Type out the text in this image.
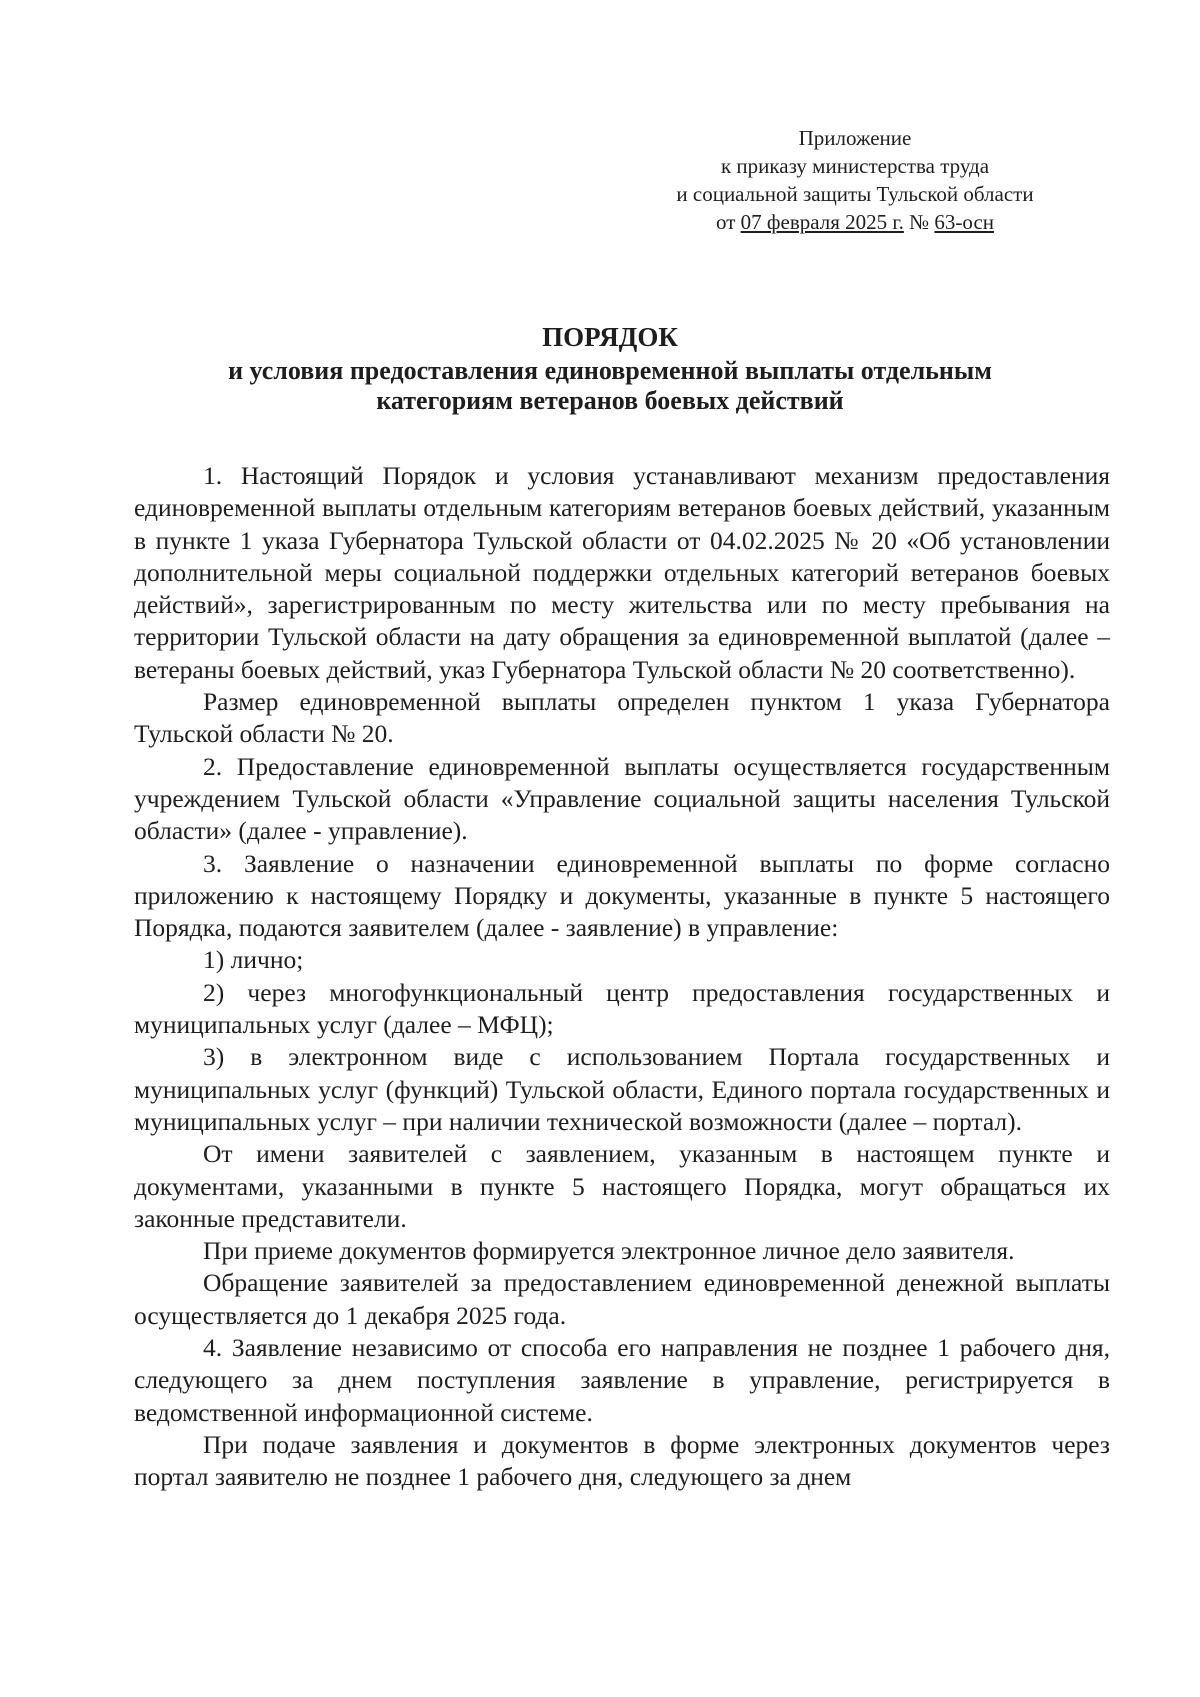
Приложение
к приказу министерства труда
и социальной защиты Тульской области
от 07 февраля 2025 г. № 63-осн
ПОРЯДОК
и условия предоставления единовременной выплаты отдельным
категориям ветеранов боевых действий

1. Настоящий Порядок и условия устанавливают механизм предоставления единовременной выплаты отдельным категориям ветеранов боевых действий, указанным в пункте 1 указа Губернатора Тульской области от 04.02.2025 № 20 «Об установлении дополнительной меры социальной поддержки отдельных категорий ветеранов боевых действий», зарегистрированным по месту жительства или по месту пребывания на территории Тульской области на дату обращения за единовременной выплатой (далее – ветераны боевых действий, указ Губернатора Тульской области № 20 соответственно).

Размер единовременной выплаты определен пунктом 1 указа Губернатора Тульской области № 20.

2. Предоставление единовременной выплаты осуществляется государственным учреждением Тульской области «Управление социальной защиты населения Тульской области» (далее - управление).

3. Заявление о назначении единовременной выплаты по форме согласно приложению к настоящему Порядку и документы, указанные в пункте 5 настоящего Порядка, подаются заявителем (далее - заявление) в управление:

1) лично;

2) через многофункциональный центр предоставления государственных и муниципальных услуг (далее – МФЦ);

3) в электронном виде с использованием Портала государственных и муниципальных услуг (функций) Тульской области, Единого портала государственных и муниципальных услуг – при наличии технической возможности (далее – портал).

От имени заявителей с заявлением, указанным в настоящем пункте и документами, указанными в пункте 5 настоящего Порядка, могут обращаться их законные представители.

При приеме документов формируется электронное личное дело заявителя.

Обращение заявителей за предоставлением единовременной денежной выплаты осуществляется до 1 декабря 2025 года.

4. Заявление независимо от способа его направления не позднее 1 рабочего дня, следующего за днем поступления заявление в управление, регистрируется в ведомственной информационной системе.

При подаче заявления и документов в форме электронных документов через портал заявителю не позднее 1 рабочего дня, следующего за днем
